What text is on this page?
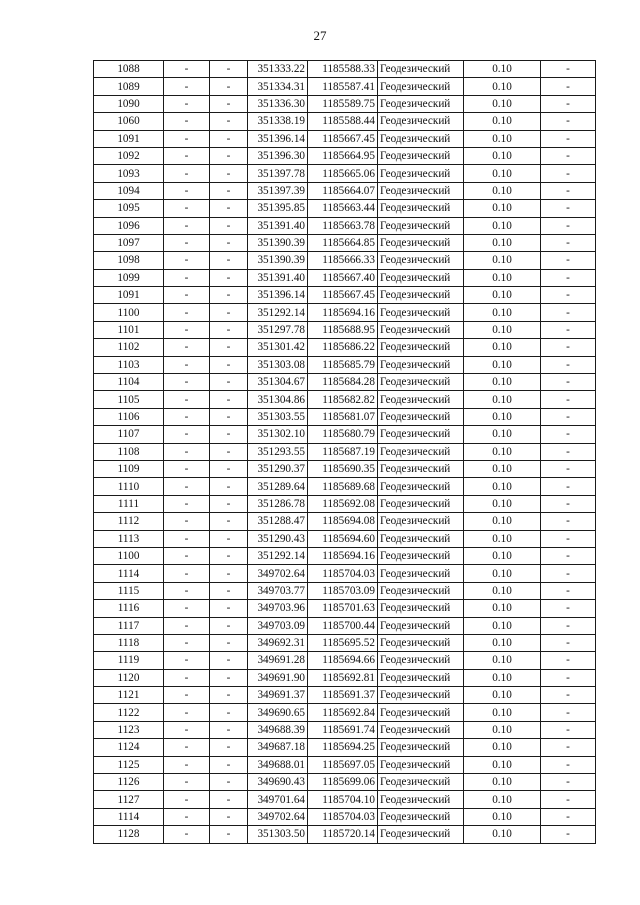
27
1088	-	-	351333.22	1185588.33	Геодезический	0.10	-
1089	-	-	351334.31	1185587.41	Геодезический	0.10	-
1090	-	-	351336.30	1185589.75	Геодезический	0.10	-
1060	-	-	351338.19	1185588.44	Геодезический	0.10	-
1091	-	-	351396.14	1185667.45	Геодезический	0.10	-
1092	-	-	351396.30	1185664.95	Геодезический	0.10	-
1093	-	-	351397.78	1185665.06	Геодезический	0.10	-
1094	-	-	351397.39	1185664.07	Геодезический	0.10	-
1095	-	-	351395.85	1185663.44	Геодезический	0.10	-
1096	-	-	351391.40	1185663.78	Геодезический	0.10	-
1097	-	-	351390.39	1185664.85	Геодезический	0.10	-
1098	-	-	351390.39	1185666.33	Геодезический	0.10	-
1099	-	-	351391.40	1185667.40	Геодезический	0.10	-
1091	-	-	351396.14	1185667.45	Геодезический	0.10	-
1100	-	-	351292.14	1185694.16	Геодезический	0.10	-
1101	-	-	351297.78	1185688.95	Геодезический	0.10	-
1102	-	-	351301.42	1185686.22	Геодезический	0.10	-
1103	-	-	351303.08	1185685.79	Геодезический	0.10	-
1104	-	-	351304.67	1185684.28	Геодезический	0.10	-
1105	-	-	351304.86	1185682.82	Геодезический	0.10	-
1106	-	-	351303.55	1185681.07	Геодезический	0.10	-
1107	-	-	351302.10	1185680.79	Геодезический	0.10	-
1108	-	-	351293.55	1185687.19	Геодезический	0.10	-
1109	-	-	351290.37	1185690.35	Геодезический	0.10	-
1110	-	-	351289.64	1185689.68	Геодезический	0.10	-
1111	-	-	351286.78	1185692.08	Геодезический	0.10	-
1112	-	-	351288.47	1185694.08	Геодезический	0.10	-
1113	-	-	351290.43	1185694.60	Геодезический	0.10	-
1100	-	-	351292.14	1185694.16	Геодезический	0.10	-
1114	-	-	349702.64	1185704.03	Геодезический	0.10	-
1115	-	-	349703.77	1185703.09	Геодезический	0.10	-
1116	-	-	349703.96	1185701.63	Геодезический	0.10	-
1117	-	-	349703.09	1185700.44	Геодезический	0.10	-
1118	-	-	349692.31	1185695.52	Геодезический	0.10	-
1119	-	-	349691.28	1185694.66	Геодезический	0.10	-
1120	-	-	349691.90	1185692.81	Геодезический	0.10	-
1121	-	-	349691.37	1185691.37	Геодезический	0.10	-
1122	-	-	349690.65	1185692.84	Геодезический	0.10	-
1123	-	-	349688.39	1185691.74	Геодезический	0.10	-
1124	-	-	349687.18	1185694.25	Геодезический	0.10	-
1125	-	-	349688.01	1185697.05	Геодезический	0.10	-
1126	-	-	349690.43	1185699.06	Геодезический	0.10	-
1127	-	-	349701.64	1185704.10	Геодезический	0.10	-
1114	-	-	349702.64	1185704.03	Геодезический	0.10	-
1128	-	-	351303.50	1185720.14	Геодезический	0.10	-
